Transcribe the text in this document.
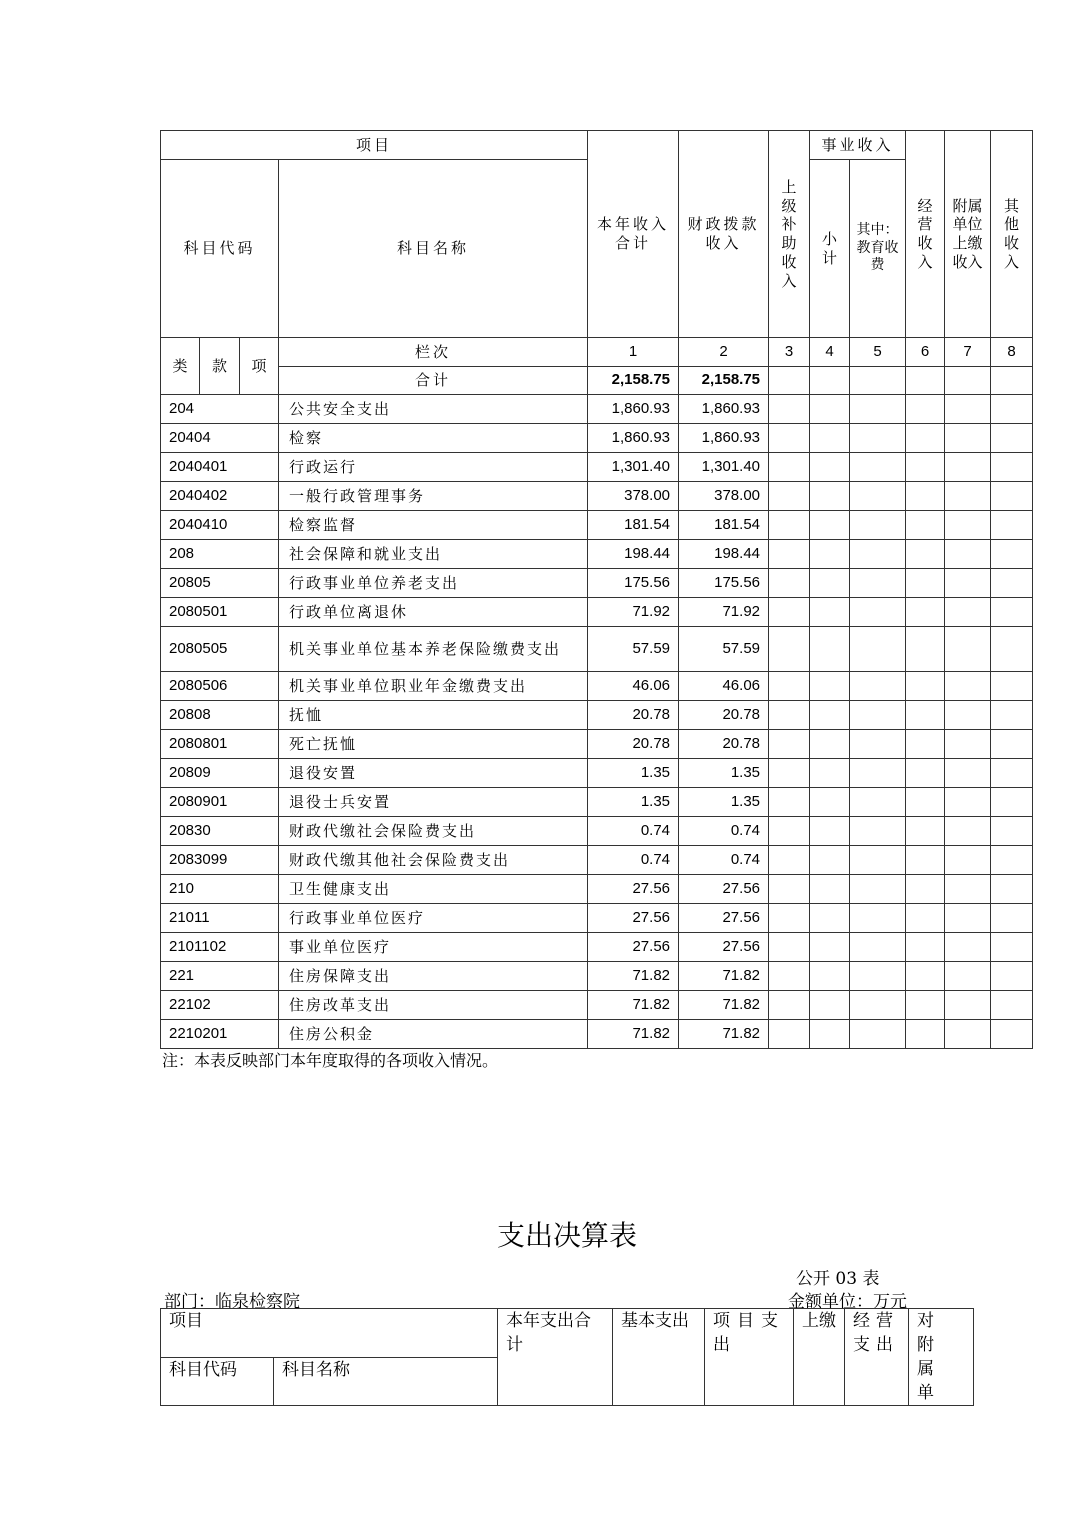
项目				本年收入合计	财政拨款收入	上级补助收入	事业收入		经营收入	附属单位上缴收入	其他收入
科目代码			科目名称				小计	其中：教育收费			

类	款	项	栏次	1	2	3	4	5	6	7	8
			合计	2,158.75	2,158.75						
204			公共安全支出	1,860.93	1,860.93						
20404			检察	1,860.93	1,860.93						
2040401			行政运行	1,301.40	1,301.40						
2040402			一般行政管理事务	378.00	378.00						
2040410			检察监督	181.54	181.54						
208			社会保障和就业支出	198.44	198.44						
20805			行政事业单位养老支出	175.56	175.56						
2080501			行政单位离退休	71.92	71.92						
2080505			机关事业单位基本养老保险缴费支出	57.59	57.59						
2080506			机关事业单位职业年金缴费支出	46.06	46.06						
20808			抚恤	20.78	20.78						
2080801			死亡抚恤	20.78	20.78						
20809			退役安置	1.35	1.35						
2080901			退役士兵安置	1.35	1.35						
20830			财政代缴社会保险费支出	0.74	0.74						
2083099			财政代缴其他社会保险费支出	0.74	0.74						
210			卫生健康支出	27.56	27.56						
21011			行政事业单位医疗	27.56	27.56						
2101102			事业单位医疗	27.56	27.56						
221			住房保障支出	71.82	71.82						
22102			住房改革支出	71.82	71.82						
2210201			住房公积金	71.82	71.82						
注：本表反映部门本年度取得的各项收入情况。
支出决算表
公开 03 表
部门：临泉检察院	金额单位：万元
项目		本年支出合计	基本支出	项目支出	上缴	经营支出	对附属单
科目代码	科目名称						
